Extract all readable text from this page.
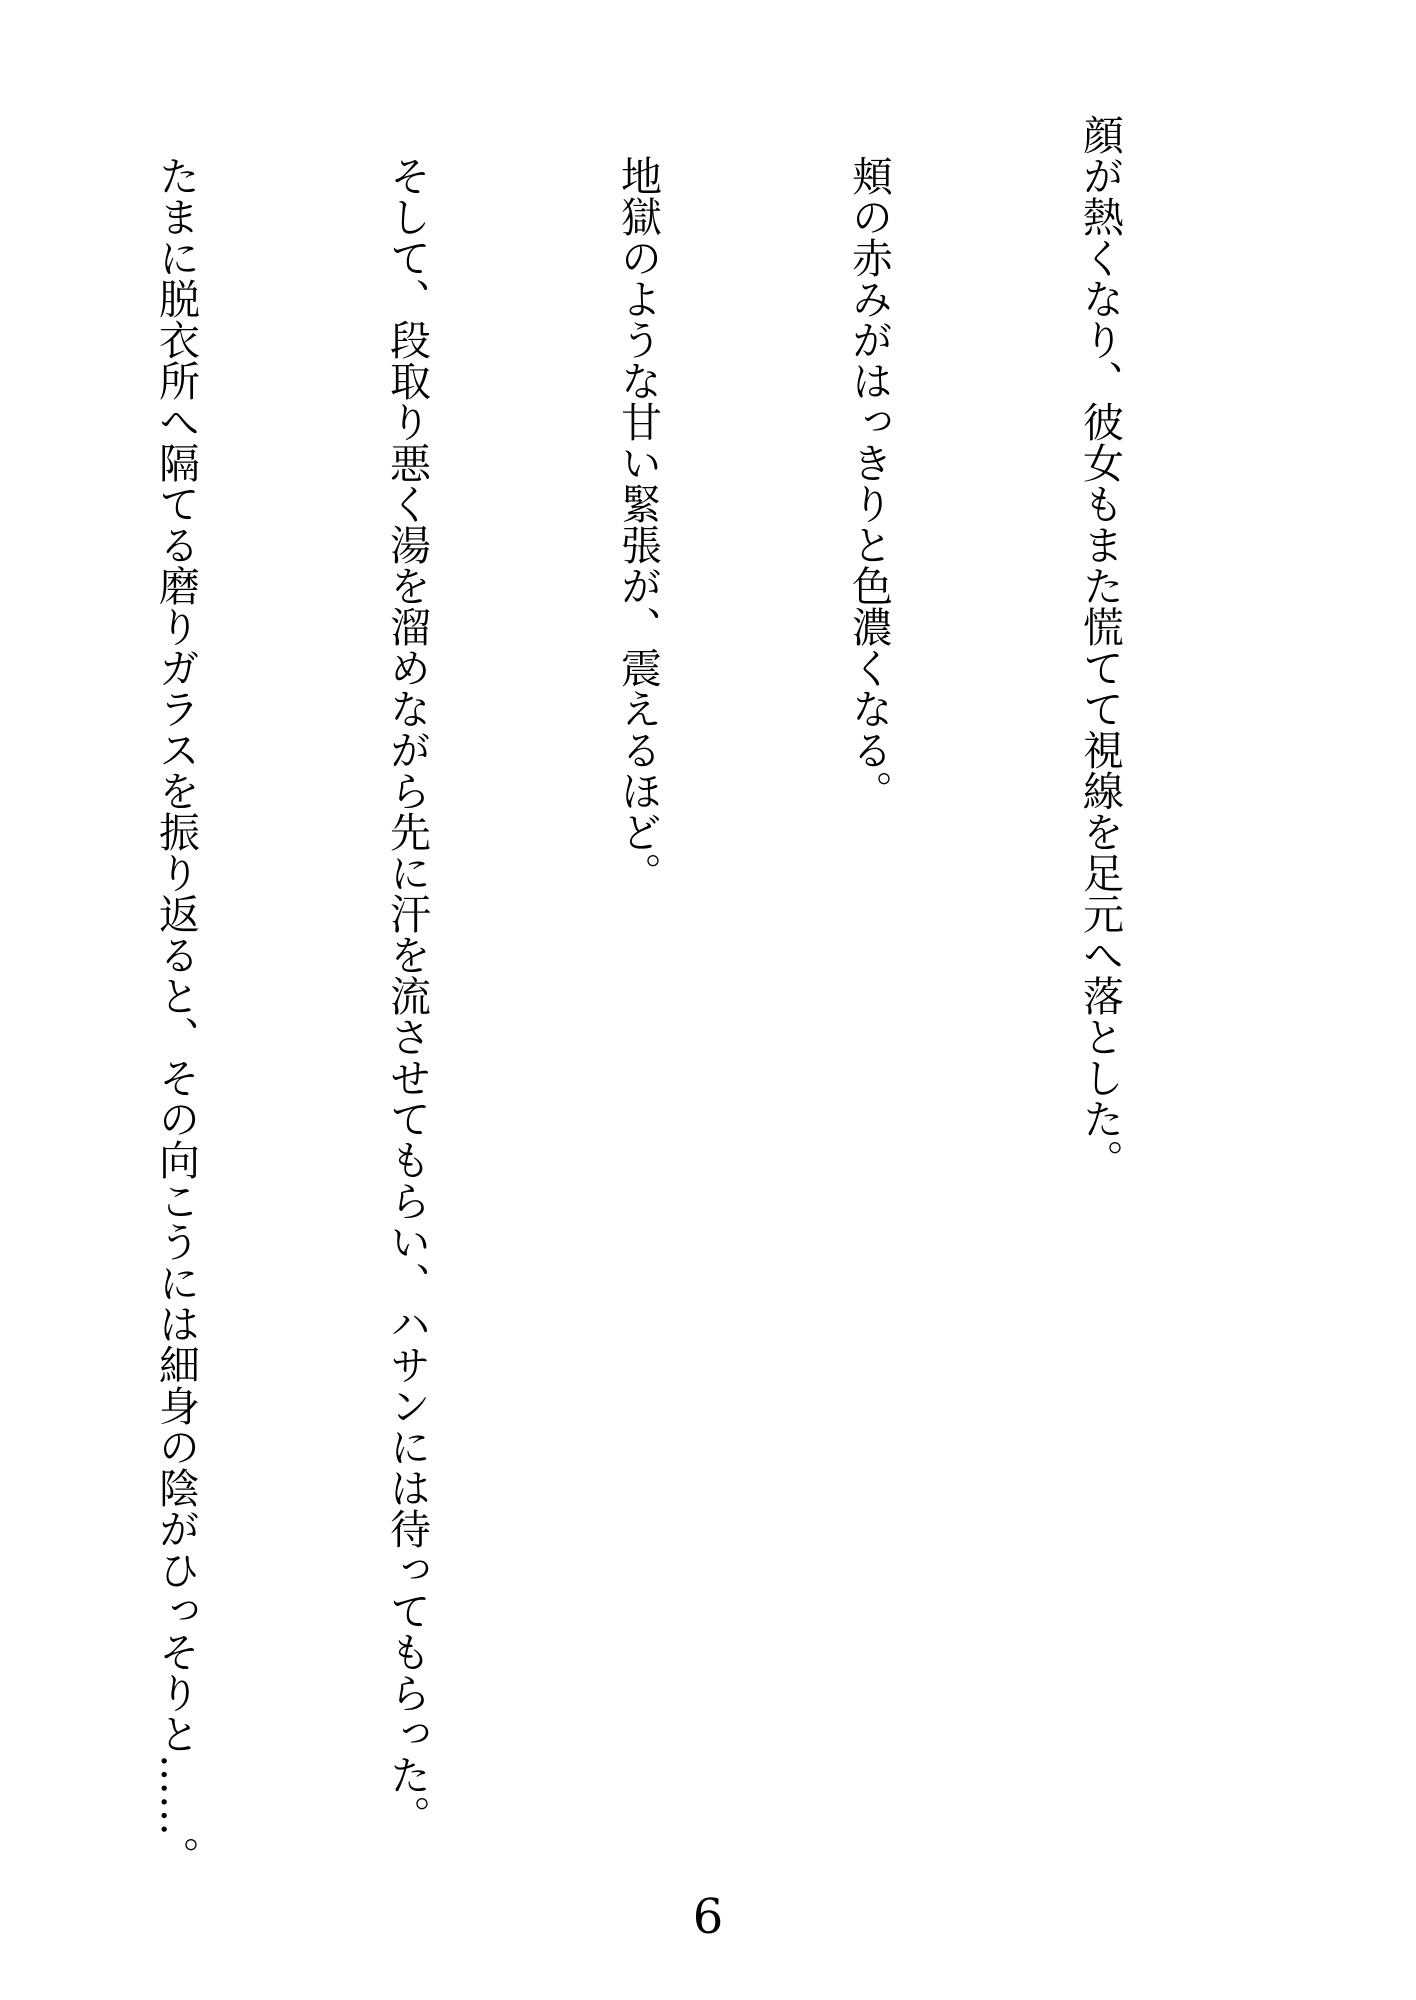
顔が熱くなり、彼女もまた慌てて視線を足元へ落とした。

　頬の赤みがはっきりと色濃くなる。

　地獄のような甘い緊張が、震えるほど。

　そして、段取り悪く湯を溜めながら先に汗を流させてもらい、ハサンには待ってもらった。

　たまに脱衣所へ隔てる磨りガラスを振り返ると、その向こうには細身の陰がひっそりと……。

6
